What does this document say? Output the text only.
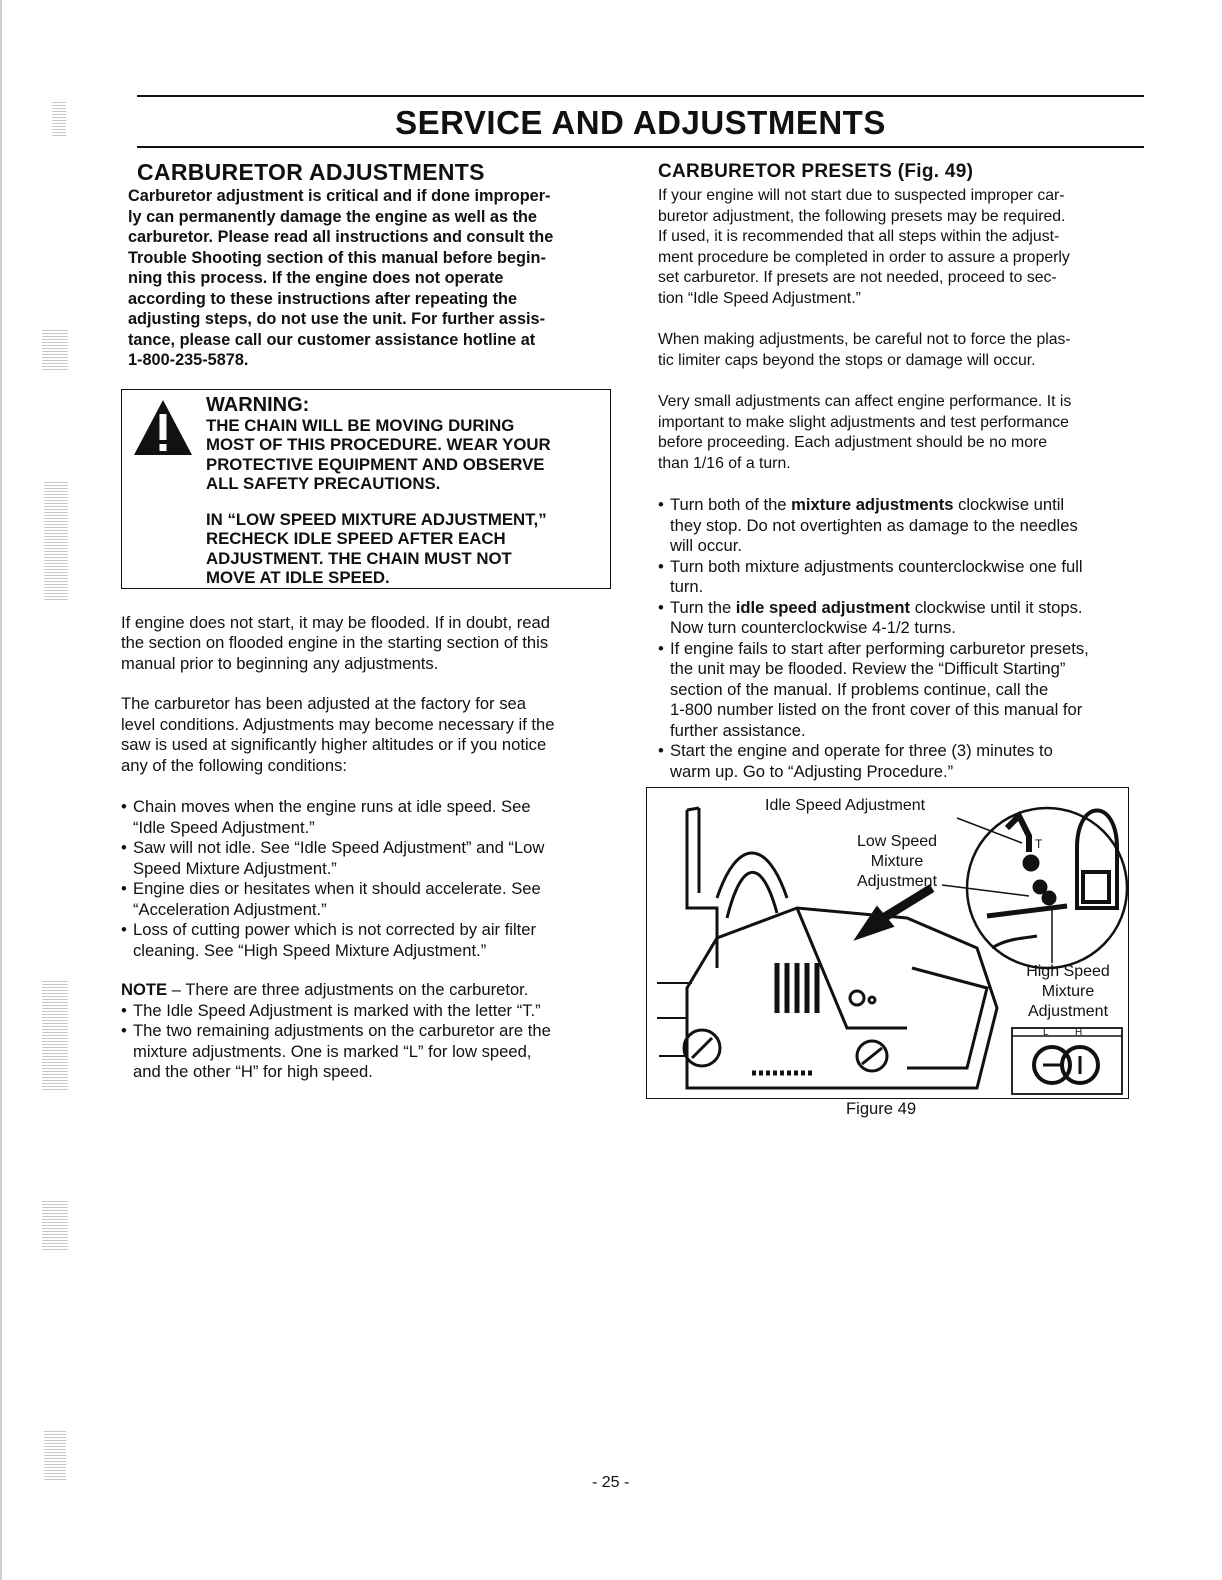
SERVICE AND ADJUSTMENTS
CARBURETOR ADJUSTMENTS

Carburetor adjustment is critical and if done improper-
ly can permanently damage the engine as well as the
carburetor. Please read all instructions and consult the
Trouble Shooting section of this manual before begin-
ning this process. If the engine does not operate
according to these instructions after repeating the
adjusting steps, do not use the unit. For further assis-
tance, please call our customer assistance hotline at
1-800-235-5878.

WARNING:

THE CHAIN WILL BE MOVING DURING
MOST OF THIS PROCEDURE. WEAR YOUR
PROTECTIVE EQUIPMENT AND OBSERVE
ALL SAFETY PRECAUTIONS.

IN “LOW SPEED MIXTURE ADJUSTMENT,”
RECHECK IDLE SPEED AFTER EACH
ADJUSTMENT. THE CHAIN MUST NOT
MOVE AT IDLE SPEED.

If engine does not start, it may be flooded. If in doubt, read
the section on flooded engine in the starting section of this
manual prior to beginning any adjustments.

The carburetor has been adjusted at the factory for sea
level conditions. Adjustments may become necessary if the
saw is used at significantly higher altitudes or if you notice
any of the following conditions:

• Chain moves when the engine runs at idle speed. See
“Idle Speed Adjustment.”
• Saw will not idle. See “Idle Speed Adjustment” and “Low
Speed Mixture Adjustment.”
• Engine dies or hesitates when it should accelerate. See
“Acceleration Adjustment.”
• Loss of cutting power which is not corrected by air filter
cleaning. See “High Speed Mixture Adjustment.”

NOTE – There are three adjustments on the carburetor.

• The Idle Speed Adjustment is marked with the letter “T.”
• The two remaining adjustments on the carburetor are the
mixture adjustments. One is marked “L” for low speed,
and the other “H” for high speed.
CARBURETOR PRESETS (Fig. 49)

If your engine will not start due to suspected improper car-
buretor adjustment, the following presets may be required.
If used, it is recommended that all steps within the adjust-
ment procedure be completed in order to assure a properly
set carburetor. If presets are not needed, proceed to sec-
tion “Idle Speed Adjustment.”

When making adjustments, be careful not to force the plas-
tic limiter caps beyond the stops or damage will occur.

Very small adjustments can affect engine performance. It is
important to make slight adjustments and test performance
before proceeding. Each adjustment should be no more
than 1/16 of a turn.

• Turn both of the mixture adjustments clockwise until
they stop. Do not overtighten as damage to the needles
will occur.
• Turn both mixture adjustments counterclockwise one full
turn.
• Turn the idle speed adjustment clockwise until it stops.
Now turn counterclockwise 4-1/2 turns.
• If engine fails to start after performing carburetor presets,
the unit may be flooded. Review the “Difficult Starting”
section of the manual. If problems continue, call the
1-800 number listed on the front cover of this manual for
further assistance.
• Start the engine and operate for three (3) minutes to
warm up. Go to “Adjusting Procedure.”
Idle Speed Adjustment
Low Speed
Mixture
Adjustment
High Speed
Mixture
Adjustment
T
L	H
Figure 49
- 25 -
